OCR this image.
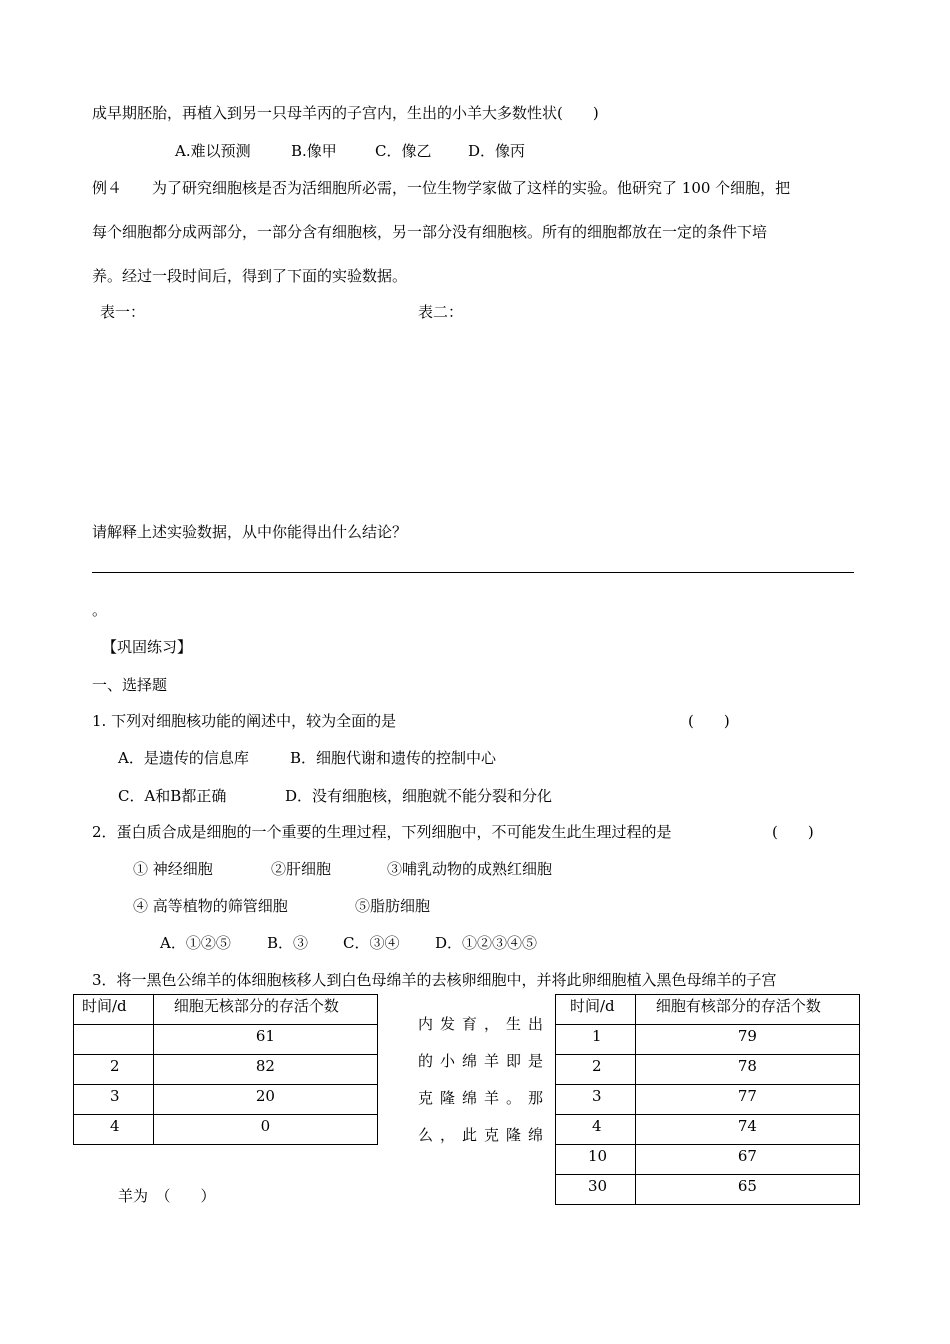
成早期胚胎，再植入到另一只母羊丙的子宫内，生出的小羊大多数性状(　　)
A.难以预测	B.像甲	C．像乙 D．像丙
例４　　为了研究细胞核是否为活细胞所必需，一位生物学家做了这样的实验。他研究了 100 个细胞，把
每个细胞都分成两部分，一部分含有细胞核，另一部分没有细胞核。所有的细胞都放在一定的条件下培
养。经过一段时间后，得到了下面的实验数据。
表一：	表二：
请解释上述实验数据，从中你能得出什么结论？
。
【巩固练习】
一、选择题
1. 下列对细胞核功能的阐述中，较为全面的是	(　　)
A．是遗传的信息库	B．细胞代谢和遗传的控制中心
C．A和B都正确	D．没有细胞核，细胞就不能分裂和分化
2．蛋白质合成是细胞的一个重要的生理过程，下列细胞中，不可能发生此生理过程的是	(　　)
① 神经细胞	②肝细胞	③哺乳动物的成熟红细胞
④ 高等植物的筛管细胞	⑤脂肪细胞
A．①②⑤ B．③ C．③④ D．①②③④⑤
3．将一黑色公绵羊的体细胞核移人到白色母绵羊的去核卵细胞中，并将此卵细胞植入黑色母绵羊的子宫
时间/d	细胞无核部分的存活个数
	61
2	82
3	20
4	0
内发育，生出
的小绵羊即是
克隆绵羊。那
么，此克隆绵
时间/d	细胞有核部分的存活个数
1	79
2	78
3	77
4	74
10	67
30	65
羊为　（　　）
